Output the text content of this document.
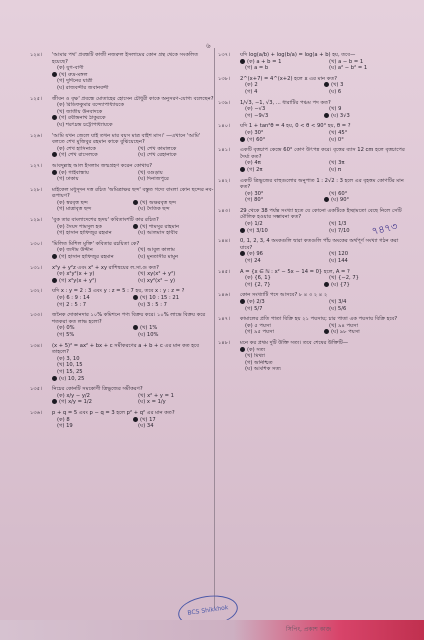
৬
১২৪।	'আমার পথ' প্রবন্ধটি কাজী নজরুল ইসলামের কোন গ্রন্থ থেকে সংকলিত হয়েছে?
(ক) যুগ-বাণী
(খ) রুদ্র-মঙ্গল
(গ) দুর্দিনের যাত্রী
(ঘ) রাজবন্দীর জবানবন্দী
১২৫।	জীবন ও বৃক্ষ' প্রবন্ধে মোতাহের হোসেন চৌধুরী কাকে অনুসরণ-যোগ্য বলেছেন?
(ক) রিডিফকুমার বন্দ্যোপাধ্যায়কে
(খ) জাতীয় উনবাদকে
(গ) রবীন্দ্রনাথ ঠাকুরকে
(ঘ) শরৎচন্দ্র চট্টোপাধ্যায়কে
১২৬।	'আমি যখন জেলে যাই তখন মার বয়স মাত্র বাইশ মাস।' —এখানে 'আমি' বলতে শেখ মুজিবুর রহমান কাকে বুঝিয়েছেন?
(ক) শেখ হাসিনাকে	(খ) শেখ কামালকে
(গ) শেখ রাসেলকে	(ঘ) শেখ রেহানাকে
১২৭।	আবদুল্লাহ আল ইসলাম জন্মগ্রহণ করেন কোথায়?
(ক) গাইবান্ধায়	(খ) বগুড়ায়
(গ) ঢাকায়	(ঘ) দিনাজপুরে
১২৮।	মাইকেল মধুসূদন দত্ত রচিত 'অমিত্রাক্ষর ছন্দ' বস্তুত গদ্যে বাংলা কোন ছন্দের নব-রূপায়ণ?
(ক) স্বরবৃত্ত ছন্দ	(খ) অক্ষরবৃত্ত ছন্দ
(গ) মাত্রাবৃত্ত ছন্দ	(ঘ) দৈতিক ছন্দ
১২৯।	'বুক তার বাংলাদেশের হৃদয়' কবিতাংশটি কার রচিত?
(ক) সৈয়দ শামসুল হক	(খ) শামসুর রাহমান
(গ) হাসান হাফিজুর রহমান	(ঘ) আলমাস হাবীব
১৩০।	'মিলিত মিশিল মুক্তি' কবিতার রচয়িতা কে?
(ক) জসীম উদ্দীন	(খ) আবুল কালাম
(গ) হাসান হাফিজুর রহমান	(ঘ) মুনতাসীর মামুন
১৩১।	x²y + y²z এবং x² + xy রাশিদ্বয়ের ল.সা.গু কত?
(ক) x²y²(x + y)	(খ) xy(x² + y²)
(গ) x²y(x + y²)	(ঘ) xy²(x² − y)
১৩২।	যদি x : y = 2 : 3 এবং y : z = 5 : 7 হয়, তবে x : y : z = ?
(ক) 6 : 9 : 14	(খ) 10 : 15 : 21
(গ) 2 : 5 : 7	(ঘ) 3 : 5 : 7
১৩৩।	জনৈক দোকানদার ১০% কমিশনে পণ্য বিক্রয় করে। ১০% লাভে বিক্রয় করে শতকরা কত লাভ হলো?
(ক) 0%	(খ) 1%
(গ) 5%	(ঘ) 10%
১৩৪।	(x + 5)² = ax² + bx + c সমীকরণের a + b + c এর মান কত হবে তাহলে?
(ক) 3, 10
(খ) 10, 15
(গ) 15, 25
(ঘ) 10, 25
১৩৫।	নিচের কোনটি সমকোণী ত্রিভুজের সমীকরণ?
(ক) x/y − y/2	(খ) x² + y = 1
(গ) x/y = 1/2	(ঘ) x = 1/y
১৩৬।	p + q = 5 এবং p − q = 3 হলে p² + q² এর মান কত?
(ক) 8	(খ) 17
(গ) 19	(ঘ) 34
১৩৭।	যদি log(a/b) + log(b/a) = log(a + b) হয়, তবে—
(ক) a + b = 1	(খ) a − b = 1
(গ) a = b	(ঘ) a² − b² = 1
১৩৮।	2^(x+7) = 4^(x+2) হলে x এর মান কত?
(ক) 2	(খ) 3
(গ) 4	(ঘ) 6
১৩৯।	1/√3, −1, √3, ... ধারাটির পঞ্চম পদ কত?
(ক) −√3	(খ) 9
(গ) −9√3	(ঘ) 3√3
১৪০।	যদি 1 + tan²θ = 4 হয়, 0 < θ < 90° হয়, θ = ?
(ক) 30°	(খ) 45°
(গ) 60°	(ঘ) 0°
১৪১।	একটি বৃত্তচাপ কেন্দ্রে 60° কোণ উৎপন্ন করে। বৃত্তের ব্যাস 12 cm হলে বৃত্তচাপের দৈর্ঘ্য কত?
(ক) 4π	(খ) 3π
(গ) 2π	(ঘ) π
১৪২।	একটি ত্রিভুজের বাহুগুলোর অনুপাত 1 : 2√2 : 3 হলে এর বৃহত্তম কোণটির মান কত?
(ক) 30°	(খ) 60°
(গ) 80°	(ঘ) 90°
১৪৩।	29 থেকে 38 পর্যন্ত সংখ্যা হতে যে কোনো একটিকে ইচ্ছামতো বেছে নিলে সেটি মৌলিক হওয়ার সম্ভাবনা কত?
(ক) 1/2	(খ) 1/3
(গ) 3/10	(ঘ) 7/10
১৪৪।	0, 1, 2, 3, 4 অংকগুলি দ্বারা কতগুলি পাঁচ অংকের অর্থপূর্ণ সংখ্যা গঠন করা যাবে?
(ক) 96	(খ) 120
(গ) 24	(ঘ) 144
১৪৫।	A = {x ∈ ℕ : x² − 5x − 14 = 0} হলে, A = ?
(ক) {6, 1}	(খ) {−2, 7}
(গ) {2, 7}	(ঘ) {7}
১৪৬।	কোন সংখ্যাটি পদে আসবে? ৮ ৪ ৩ ২ ৪ ২
(ক) 2/3	(খ) 3/4
(গ) 5/7	(ঘ) 5/6
১৪৭।	কামালের প্রতি পাতা বিক্রি হয় ২১ পয়সায়; চার পাতা এক পয়সায় বিক্রি হবে?
(ক) ৫ পয়সা	(খ) ৯৪ পয়সা
(গ) ৯৫ পয়সা	(ঘ) ৯৮ পয়সা
১৪৮।	মনে কর প্রথম দুটি উক্তি সত্য। তবে শেষের উক্তিটি—
(ক) সত্য
(খ) মিথ্যা
(গ) অনিশ্চিত
(ঘ) আংশিক সত্য
৭৪৭৩
BCS Shikkhok
সিপিং, প্রকাশ কাজ
